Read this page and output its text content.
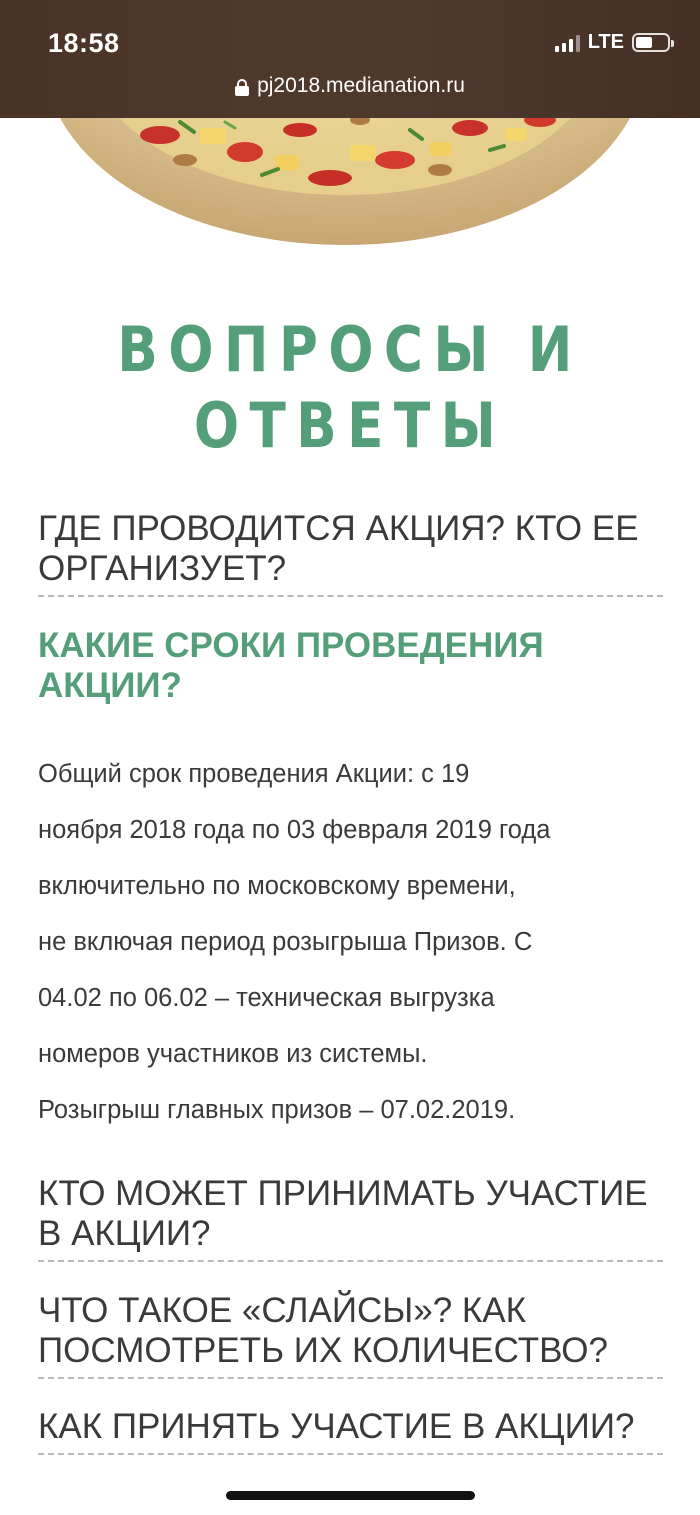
18:58	LTE
pj2018.medianation.ru
ВОПРОСЫ И
ОТВЕТЫ
ГДЕ ПРОВОДИТСЯ АКЦИЯ? КТО ЕЕ ОРГАНИЗУЕТ?
КАКИЕ СРОКИ ПРОВЕДЕНИЯ АКЦИИ?
Общий срок проведения Акции: с 19
ноября 2018 года по 03 февраля 2019 года
включительно по московскому времени,
не включая период розыгрыша Призов. С
04.02 по 06.02 – техническая выгрузка
номеров участников из системы.
Розыгрыш главных призов – 07.02.2019.
КТО МОЖЕТ ПРИНИМАТЬ УЧАСТИЕ В АКЦИИ?
ЧТО ТАКОЕ «СЛАЙСЫ»? КАК ПОСМОТРЕТЬ ИХ КОЛИЧЕСТВО?
КАК ПРИНЯТЬ УЧАСТИЕ В АКЦИИ?
